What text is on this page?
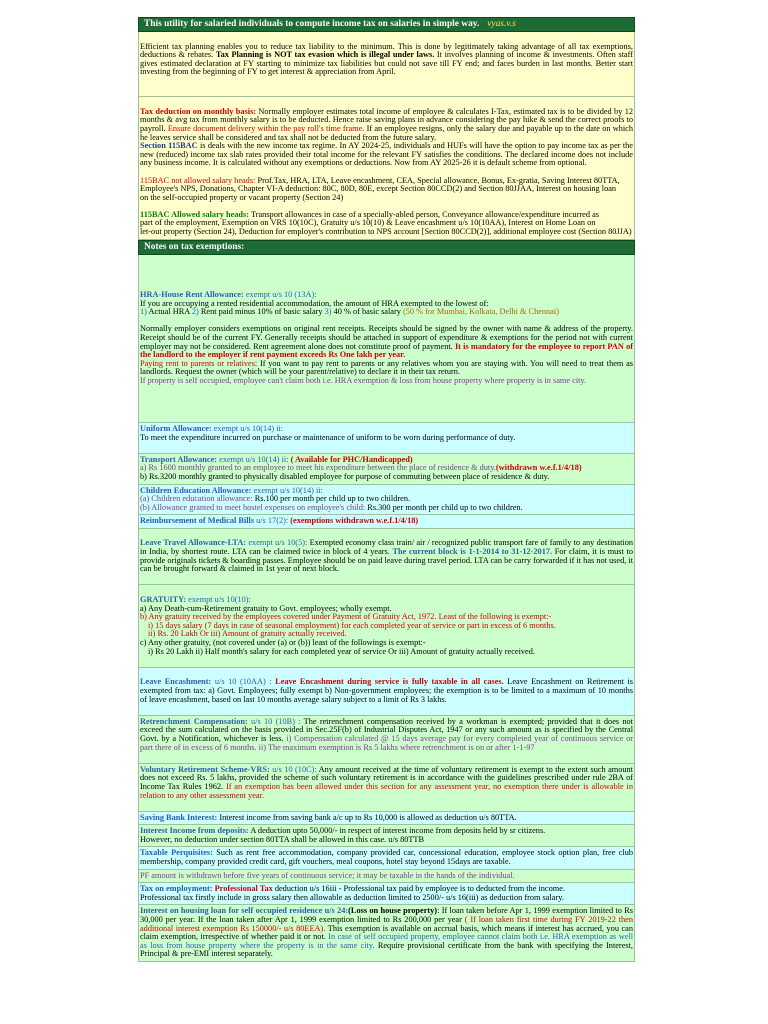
This utility for salaried individuals to compute income tax on salaries in simple way. vyas.v.s

Efficient tax planning enables you to reduce tax liability to the minimum. This is done by legitimately taking advantage of all tax exemptions, deductions & rebates. Tax Planning is NOT tax evasion which is illegal under laws. It involves planning of income & investments. Often staff gives estimated declaration at FY starting to minimize tax liabilities but could not save till FY end; and faces burden in last months. Better start investing from the beginning of FY to get interest & appreciation from April.

Tax deduction on monthly basis: Normally employer estimates total income of employee & calculates I-Tax, estimated tax is to be divided by 12 months & avg tax from monthly salary is to be deducted. Hence raise saving plans in advance considering the pay hike & send the correct proofs to payroll. Ensure document delivery within the pay roll's time frame. If an employee resigns, only the salary due and payable up to the date on which he leaves service shall be considered and tax shall not be deducted from the future salary.

Section 115BAC is deals with the new income tax regime. In AY 2024-25, individuals and HUFs will have the option to pay income tax as per the new (reduced) income tax slab rates provided their total income for the relevant FY satisfies the conditions. The declared income does not include any business income. It is calculated without any exemptions or deductions. Now from AY 2025-26 it is default scheme from optional.

115BAC not allowed salary heads: Prof.Tax, HRA, LTA, Leave encashment, CEA, Special allowance, Bonus, Ex-gratia, Saving Interest 80TTA,

Employee's NPS, Donations, Chapter VI-A deduction: 80C, 80D, 80E, except Section 80CCD(2) and Section 80JJAA, Interest on housing loan

on the self-occupied property or vacant property (Section 24)

115BAC Allowed salary heads: Transport allowances in case of a specially-abled person, Conveyance allowance/expenditure incurred as

part of the employment, Exemption on VRS 10(10C), Gratuity u/s 10(10) & Leave encashment u/s 10(10AA), Interest on Home Loan on

let-out property (Section 24), Deduction for employer's contribution to NPS account [Section 80CCD(2)], additional employee cost (Section 80JJA)

Notes on tax exemptions:

HRA-House Rent Allowance: exempt u/s 10 (13A):

If you are occupying a rented residential accommodation, the amount of HRA exempted to the lowest of:

1) Actual HRA 2) Rent paid minus 10% of basic salary 3) 40 % of basic salary (50 % for Mumbai, Kolkata, Delhi & Chennai)

Normally employer considers exemptions on original rent receipts. Receipts should be signed by the owner with name & address of the property. Receipt should be of the current FY. Generally receipts should be attached in support of expenditure & exemptions for the period not with current employer may not be considered. Rent agreement alone does not constitute proof of payment. It is mandatory for the employee to report PAN of the landlord to the employer if rent payment exceeds Rs One lakh per year.

Paying rent to parents or relatives: If you want to pay rent to parents or any relatives whom you are staying with. You will need to treat them as landlords. Request the owner (which will be your parent/relative) to declare it in their tax return.

If property is self occupied, employee can't claim both i.e. HRA exemption & loss from house property where property is in same city.

Uniform Allowance: exempt u/s 10(14) ii:

To meet the expenditure incurred on purchase or maintenance of uniform to be worn during performance of duty.

Transport Allowance: exempt u/s 10(14) ii: ( Available for PHC/Handicapped)

a) Rs 1600 monthly granted to an employee to meet his expenditure between the place of residence & duty.(withdrawn w.e.f.1/4/18)

b) Rs.3200 monthly granted to physically disabled employee for purpose of commuting between place of residence & duty.

Children Education Allowance: exempt u/s 10(14) ii:

(a) Children education allowance: Rs.100 per month per child up to two children.

(b) Allowance granted to meet hostel expenses on employee's child: Rs.300 per month per child up to two children.

Reimbursement of Medical Bills u/s 17(2): (exemptions withdrawn w.e.f.1/4/18)

Leave Travel Allowance-LTA: exempt u/s 10(5): Exempted economy class train/ air / recognized public transport fare of family to any destination in India, by shortest route. LTA can be claimed twice in block of 4 years. The current block is 1-1-2014 to 31-12-2017. For claim, it is must to provide originals tickets & boarding passes. Employee should be on paid leave during travel period. LTA can be carry forwarded if it has not used, it can be brought forward & claimed in 1st year of next block.

GRATUITY: exempt u/s 10(10):

a) Any Death-cum-Retirement gratuity to Govt. employees; wholly exempt.

b) Any gratuity received by the employees covered under Payment of Gratuity Act, 1972. Least of the following is exempt:-

i) 15 days salary (7 days in case of seasonal employment) for each completed year of service or part in excess of 6 months.

ii) Rs. 20 Lakh Or iii) Amount of gratuity actually received.

c) Any other gratuity, (not covered under (a) or (b)) least of the followings is exempt:-

i) Rs 20 Lakh ii) Half month's salary for each completed year of service Or iii) Amount of gratuity actually received.

Leave Encashment: u/s 10 (10AA) : Leave Encashment during service is fully taxable in all cases. Leave Encashment on Retirement is exempted from tax: a) Govt. Employees; fully exempt b) Non-government employees; the exemption is to be limited to a maximum of 10 months of leave encashment, based on last 10 months average salary subject to a limit of Rs 3 lakhs.

Retrenchment Compensation: u/s 10 (10B) : The retrenchment compensation received by a workman is exempted; provided that it does not exceed the sum calculated on the basis provided in Sec.25F(b) of Industrial Disputes Act, 1947 or any such amount as is specified by the Central Govt. by a Notification, whichever is less. i) Compensation calculated @ 15 days average pay for every completed year of continuous service or part there of in excess of 6 months. ii) The maximum exemption is Rs 5 lakhs where retrenchment is on or after 1-1-97

Voluntary Retirement Scheme-VRS: u/s 10 (10C): Any amount received at the time of voluntary retirement is exempt to the extent such amount does not exceed Rs. 5 lakhs, provided the scheme of such voluntary retirement is in accordance with the guidelines prescribed under rule 2BA of Income Tax Rules 1962. If an exemption has been allowed under this section for any assessment year, no exemption there under is allowable in relation to any other assessment year.

Saving Bank Interest: Interest income from saving bank a/c up to Rs 10,000 is allowed as deduction u/s 80TTA.

Interest Income from deposits: A deduction upto 50,000/- in respect of interest income from deposits held by sr citizens.

However, no deduction under section 80TTA shall be allowed in this case. u/s 80TTB

Taxable Perquisites: Such as rent free accommodation, company provided car, concessional education, employee stock option plan, free club membership, company provided credit card, gift vouchers, meal coupons, hotel stay beyond 15days are taxable.

PF amount is withdrawn before five years of continuous service; it may be taxable in the hands of the individual.

Tax on employment: Professional Tax deduction u/s 16iii - Professional tax paid by employee is to deducted from the income.

Professional tax firstly include in gross salary then allowable as deduction limited to 2500/- u/s 16(iii) as deduction from salary.

Interest on housing loan for self occupied residence u/s 24:(Loss on house property): If loan taken before Apr 1, 1999 exemption limited to Rs 30,000 per year. If the loan taken after Apr 1, 1999 exemption limited to Rs 200,000 per year ( If loan taken first time during FY 2019-22 then additional interest exemption Rs 150000/- u/s 80EEA). This exemption is available on accrual basis, which means if interest has accrued, you can claim exemption, irrespective of whether paid it or not. In case of self occupied property, employee cannot claim both i.e. HRA exemption as well as loss from house property where the property is in the same city. Require provisional certificate from the bank with specifying the Interest, Principal & pre-EMI interest separately.
